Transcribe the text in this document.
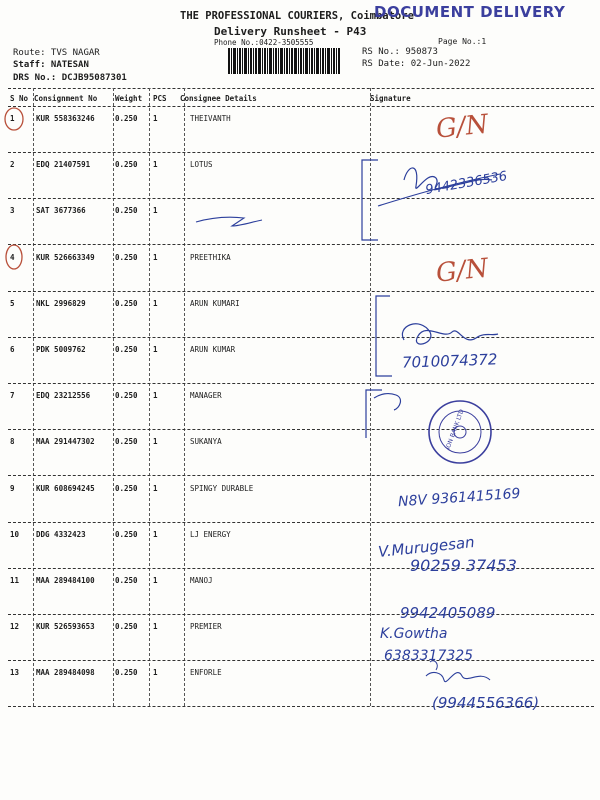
THE PROFESSIONAL COURIERS, Coimbatore
DOCUMENT DELIVERY
Delivery Runsheet - P43
Phone No.:0422-3505555	Page No.:1
RS No.: 950873
RS Date: 02-Jun-2022
Route: TVS NAGAR
Staff: NATESAN
DRS No.: DCJB95087301
S No Consignment No Weight PCS Consignee Details	Signature
1	KUR 558363246	0.250 1	THEIVANTH
2	EDQ 21407591	0.250 1	LOTUS
3	SAT 3677366	0.250 1
4	KUR 526663349	0.250 1	PREETHIKA
5	NKL 2996829	0.250 1	ARUN KUMARI
6	PDK 5009762	0.250 1	ARUN KUMAR
7	EDQ 23212556	0.250 1	MANAGER
8	MAA 291447302	0.250 1	SUKANYA
9	KUR 608694245	0.250 1	SPINGY DURABLE
10 DDG 4332423	0.250 1	LJ ENERGY
11 MAA 289484100	0.250 1	MANOJ
12 KUR 526593653	0.250 1	PREMIER
13 MAA 289484098	0.250 1	ENFORLE
G/N
9442336536
G/N
7010074372
ION BANK LTD
N8V 9361415169
V.Murugesan
90259 37453
9942405089
K.Gowtha
6383317325
(9944556366)
